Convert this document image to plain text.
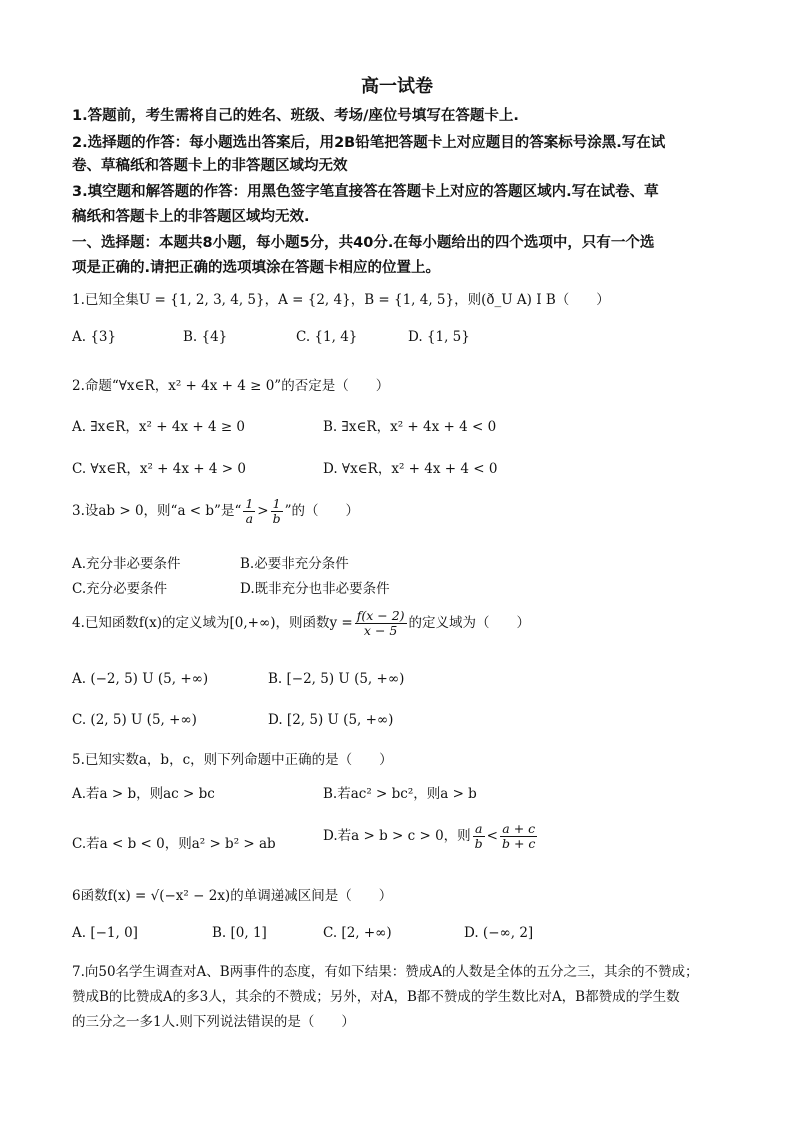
高一试卷
1.答题前，考生需将自己的姓名、班级、考场/座位号填写在答题卡上.
2.选择题的作答：每小题选出答案后，用2B铅笔把答题卡上对应题目的答案标号涂黑.写在试
卷、草稿纸和答题卡上的非答题区域均无效
3.填空题和解答题的作答：用黑色签字笔直接答在答题卡上对应的答题区域内.写在试卷、草
稿纸和答题卡上的非答题区域均无效.
一、选择题：本题共8小题，每小题5分，共40分.在每小题给出的四个选项中，只有一个选
项是正确的.请把正确的选项填涂在答题卡相应的位置上。
1.已知全集U = {1, 2, 3, 4, 5}，A = {2, 4}，B = {1, 4, 5}，则(ð_U A) I B（　　）
A. {3}	B. {4}	C. {1, 4}	D. {1, 5}
2.命题“∀x∈R，x² + 4x + 4 ≥ 0”的否定是（　　）
A. ∃x∈R，x² + 4x + 4 ≥ 0	B. ∃x∈R，x² + 4x + 4 < 0
C. ∀x∈R，x² + 4x + 4 > 0	D. ∀x∈R，x² + 4x + 4 < 0
3.设ab > 0，则“a < b”是“ $\frac{1}{a} > \frac{1}{b}$ ”的（　　）
A.充分非必要条件	B.必要非充分条件
C.充分必要条件	D.既非充分也非必要条件
4.已知函数f(x)的定义域为[0,+∞)，则函数$y = \frac{f(x - 2)}{x - 5}$ 的定义域为（　　）
A. (−2, 5) U (5, +∞)	B. [−2, 5) U (5, +∞)
C. (2, 5) U (5, +∞)	D. [2, 5) U (5, +∞)
5.已知实数a，b，c，则下列命题中正确的是（　　）
A.若a > b，则ac > bc	B.若ac² > bc²，则a > b
C.若a < b < 0，则a² > b² > ab	D.若a > b > c > 0，则 $\frac{a}{b} < \frac{a + c}{b + c}$
6函数f(x) = √(−x² − 2x)的单调递减区间是（　　）
A. [−1, 0]	B. [0, 1]	C. [2, +∞)	D. (−∞, 2]
7.向50名学生调查对A、B两事件的态度，有如下结果：赞成A的人数是全体的五分之三，其余的不赞成；
赞成B的比赞成A的多3人，其余的不赞成；另外，对A，B都不赞成的学生数比对A，B都赞成的学生数
的三分之一多1人.则下列说法错误的是（　　）
